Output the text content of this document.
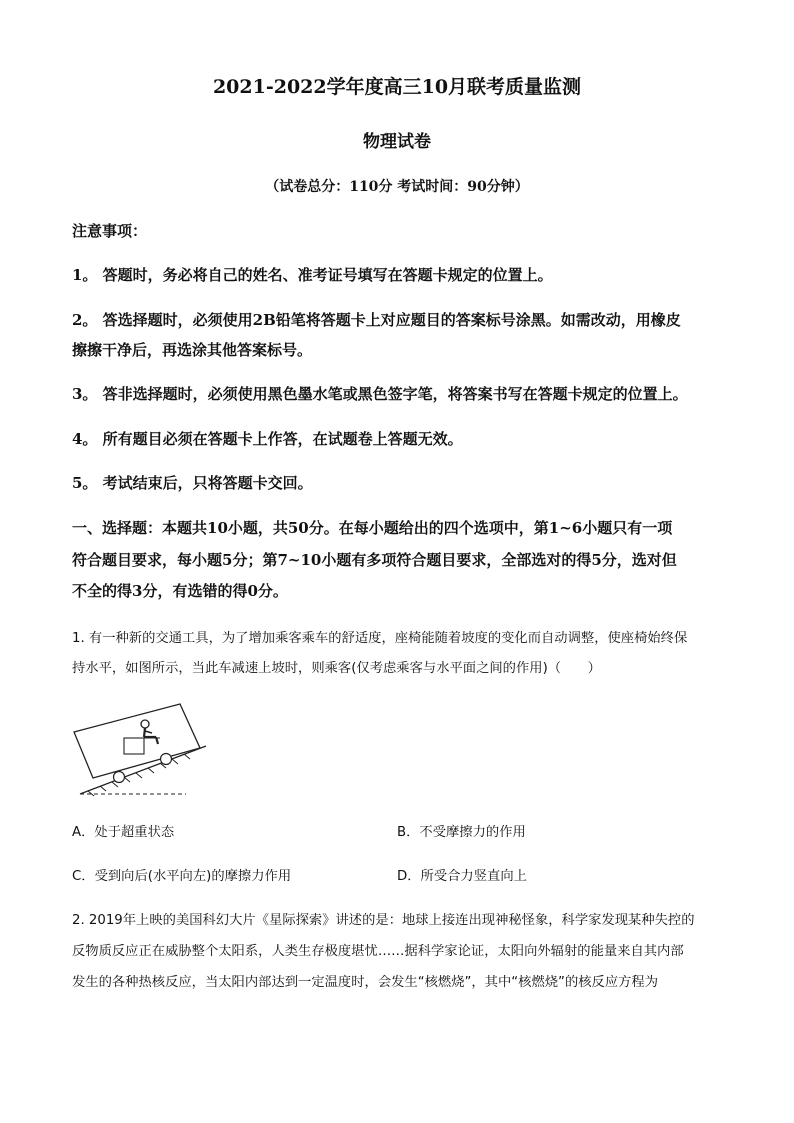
2021-2022学年度高三10月联考质量监测
物理试卷
（试卷总分：110分 考试时间：90分钟）
注意事项：
1。 答题时，务必将自己的姓名、准考证号填写在答题卡规定的位置上。
2。 答选择题时，必须使用2B铅笔将答题卡上对应题目的答案标号涂黑。如需改动，用橡皮
擦擦干净后，再选涂其他答案标号。
3。 答非选择题时，必须使用黑色墨水笔或黑色签字笔，将答案书写在答题卡规定的位置上。
4。 所有题目必须在答题卡上作答，在试题卷上答题无效。
5。 考试结束后，只将答题卡交回。
一、选择题：本题共10小题，共50分。在每小题给出的四个选项中，第1~6小题只有一项
符合题目要求，每小题5分；第7~10小题有多项符合题目要求，全部选对的得5分，选对但
不全的得3分，有选错的得0分。
1. 有一种新的交通工具，为了增加乘客乘车的舒适度，座椅能随着坡度的变化而自动调整，使座椅始终保
持水平，如图所示，当此车减速上坡时，则乘客(仅考虑乘客与水平面之间的作用)（　　）
A．处于超重状态	B．不受摩擦力的作用
C．受到向后(水平向左)的摩擦力作用	D．所受合力竖直向上
2. 2019年上映的美国科幻大片《星际探索》讲述的是：地球上接连出现神秘怪象，科学家发现某种失控的
反物质反应正在威胁整个太阳系，人类生存极度堪忧……据科学家论证，太阳向外辐射的能量来自其内部
发生的各种热核反应，当太阳内部达到一定温度时，会发生“核燃烧”，其中“核燃烧”的核反应方程为
